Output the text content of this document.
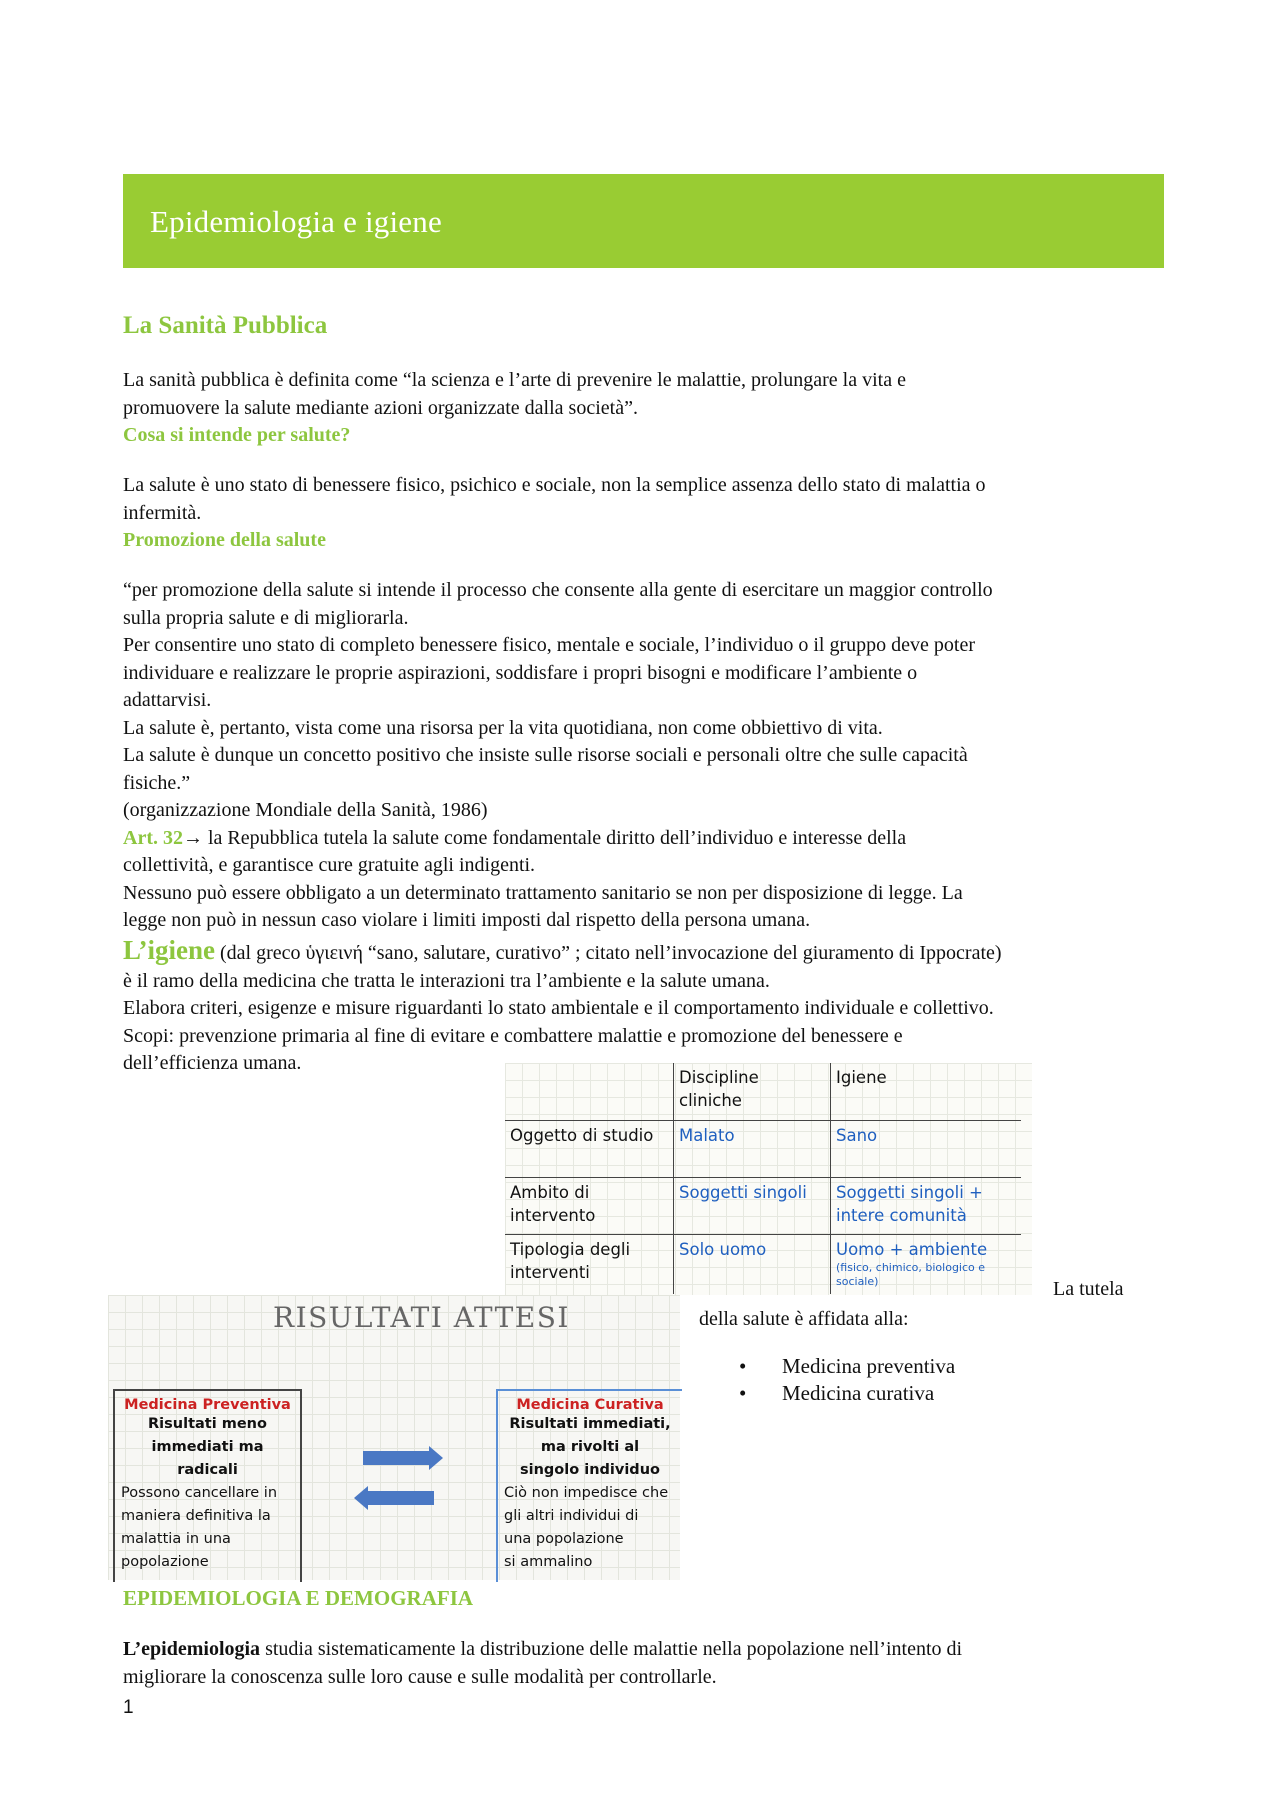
Epidemiologia e igiene
La Sanità Pubblica
La sanità pubblica è definita come “la scienza e l’arte di prevenire le malattie, prolungare la vita e
promuovere la salute mediante azioni organizzate dalla società”.
Cosa si intende per salute?
La salute è uno stato di benessere fisico, psichico e sociale, non la semplice assenza dello stato di malattia o
infermità.
Promozione della salute
“per promozione della salute si intende il processo che consente alla gente di esercitare un maggior controllo
sulla propria salute e di migliorarla.
Per consentire uno stato di completo benessere fisico, mentale e sociale, l’individuo o il gruppo deve poter
individuare e realizzare le proprie aspirazioni, soddisfare i propri bisogni e modificare l’ambiente o
adattarvisi.
La salute è, pertanto, vista come una risorsa per la vita quotidiana, non come obbiettivo di vita.
La salute è dunque un concetto positivo che insiste sulle risorse sociali e personali oltre che sulle capacità
fisiche.”
(organizzazione Mondiale della Sanità, 1986)
Art. 32→ la Repubblica tutela la salute come fondamentale diritto dell’individuo e interesse della
collettività, e garantisce cure gratuite agli indigenti.
Nessuno può essere obbligato a un determinato trattamento sanitario se non per disposizione di legge. La
legge non può in nessun caso violare i limiti imposti dal rispetto della persona umana.
L’igiene (dal greco ὑγιεινή “sano, salutare, curativo” ; citato nell’invocazione del giuramento di Ippocrate)
è il ramo della medicina che tratta le interazioni tra l’ambiente e la salute umana.
Elabora criteri, esigenze e misure riguardanti lo stato ambientale e il comportamento individuale e collettivo.
Scopi: prevenzione primaria al fine di evitare e combattere malattie e promozione del benessere e
dell’efficienza umana.
	Discipline cliniche	Igiene
Oggetto di studio	Malato	Sano
Ambito di intervento	Soggetti singoli	Soggetti singoli + intere comunità
Tipologia degli interventi	Solo uomo	Uomo + ambiente
(fisico, chimico, biologico e sociale)	La tutela
della salute è affidata alla:
• Medicina preventiva
• Medicina curativa
RISULTATI ATTESI
Medicina Preventiva
Risultati meno
immediati ma
radicali
Possono cancellare in
maniera definitiva la
malattia in una
popolazione
Medicina Curativa
Risultati immediati,
ma rivolti al
singolo individuo
Ciò non impedisce che
gli altri individui di
una popolazione
si ammalino
EPIDEMIOLOGIA E DEMOGRAFIA
L’epidemiologia studia sistematicamente la distribuzione delle malattie nella popolazione nell’intento di
migliorare la conoscenza sulle loro cause e sulle modalità per controllarle.
1
